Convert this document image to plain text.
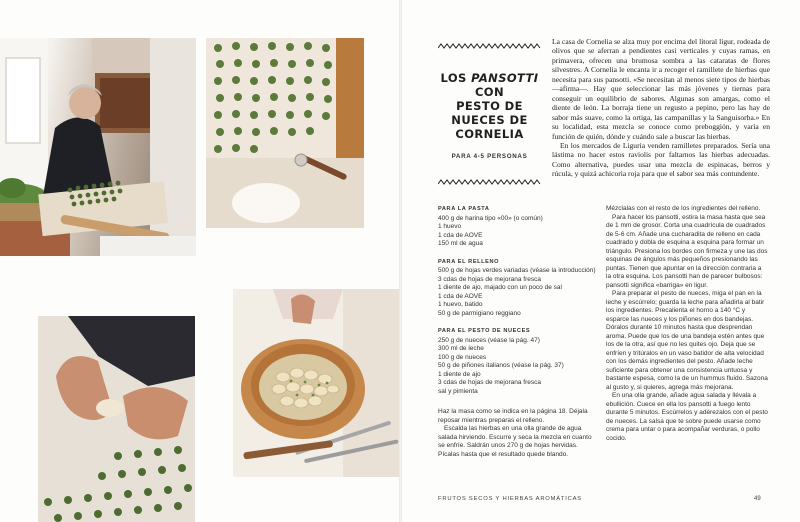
LOS PANSOTTI CON
PESTO DE NUECES DE
CORNELIA
PARA 4-5 PERSONAS

La casa de Cornelia se alza muy por encima del litoral ligur, rodeada de olivos que se aferran a pendientes casi verticales y cuyas ramas, en primavera, ofrecen una brumosa sombra a las cataratas de flores silvestres. A Cornelia le encanta ir a recoger el ramillete de hierbas que necesita para sus pansotti. «Se necesitan al menos siete tipos de hierbas —afirma—. Hay que seleccionar las más jóvenes y tiernas para conseguir un equilibrio de sabores. Algunas son amargas, como el diente de león. La borraja tiene un regusto a pepino, pero las hay de sabor más suave, como la ortiga, las campanillas y la Sanguisorba.» En su localidad, esta mezcla se conoce como preboggión, y varía en función de quién, dónde y cuándo sale a buscar las hierbas.

En los mercados de Liguria venden ramilletes preparados. Sería una lástima no hacer estos raviolis por faltarnos las hierbas adecuadas. Como alternativa, puedes usar una mezcla de espinacas, berros y rúcula, y quizá achicoria roja para que el sabor sea más contundente.

PARA LA PASTA
400 g de harina tipo «00» (o común)
1 huevo
1 cda de AOVE
150 ml de agua
PARA EL RELLENO
500 g de hojas verdes variadas (véase la introducción)
3 cdas de hojas de mejorana fresca
1 diente de ajo, majado con un poco de sal
1 cda de AOVE
1 huevo, batido
50 g de parmigiano reggiano
PARA EL PESTO DE NUECES
250 g de nueces (véase la pág. 47)
300 ml de leche
100 g de nueces
50 g de piñones italianos (véase la pág. 37)
1 diente de ajo
3 cdas de hojas de mejorana fresca
sal y pimienta

Haz la masa como se indica en la página 18. Déjala reposar mientras preparas el relleno.

Escalda las hierbas en una olla grande de agua salada hirviendo. Escurre y seca la mezcla en cuanto se enfríe. Saldrán unos 270 g de hojas hervidas. Pícalas hasta que el resultado quede blando.

Mézclalas con el resto de los ingredientes del relleno.

Para hacer los pansotti, estira la masa hasta que sea de 1 mm de grosor. Corta una cuadrícula de cuadrados de 5-6 cm. Añade una cucharadita de relleno en cada cuadrado y dobla de esquina a esquina para formar un triángulo. Presiona los bordes con firmeza y une las dos esquinas de ángulos más pequeños presionando las puntas. Tienen que apuntar en la dirección contraria a la otra esquina. Los pansotti han de parecer bulbosos: pansotti significa «barriga» en ligur.

Para preparar el pesto de nueces, miga el pan en la leche y escúrrelo; guarda la leche para añadirla al batir los ingredientes. Precalienta el horno a 140 °C y esparce las nueces y los piñones en dos bandejas. Dóralos durante 10 minutos hasta que desprendan aroma. Puede que los de una bandeja estén antes que los de la otra, así que no les quites ojo. Deja que se enfríen y tritúralos en un vaso batidor de alta velocidad con los demás ingredientes del pesto. Añade leche suficiente para obtener una consistencia untuosa y bastante espesa, como la de un hummus fluido. Sazona al gusto y, si quieres, agrega más mejorana.

En una olla grande, añade agua salada y llévala a ebullición. Cuece en ella los pansotti a fuego lento durante 5 minutos. Escúrrelos y adérezalos con el pesto de nueces. La salsa que te sobre puede usarse como crema para untar o para acompañar verduras, o pollo cocido.

FRUTOS SECOS Y HIERBAS AROMÁTICAS	49
